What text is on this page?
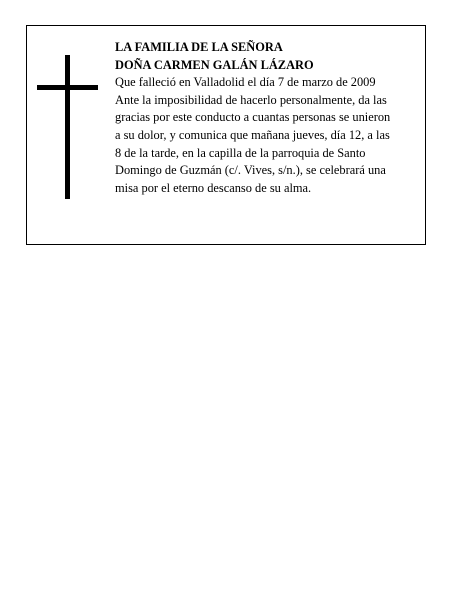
LA FAMILIA DE LA SEÑORA

DOÑA CARMEN GALÁN LÁZARO

Que falleció en Valladolid el día 7 de marzo de 2009

Ante la imposibilidad de hacerlo personalmente, da las

gracias por este conducto a cuantas personas se unieron

a su dolor, y comunica que mañana jueves, día 12, a las

8 de la tarde, en la capilla de la parroquia de Santo

Domingo de Guzmán (c/. Vives, s/n.), se celebrará una

misa por el eterno descanso de su alma.
